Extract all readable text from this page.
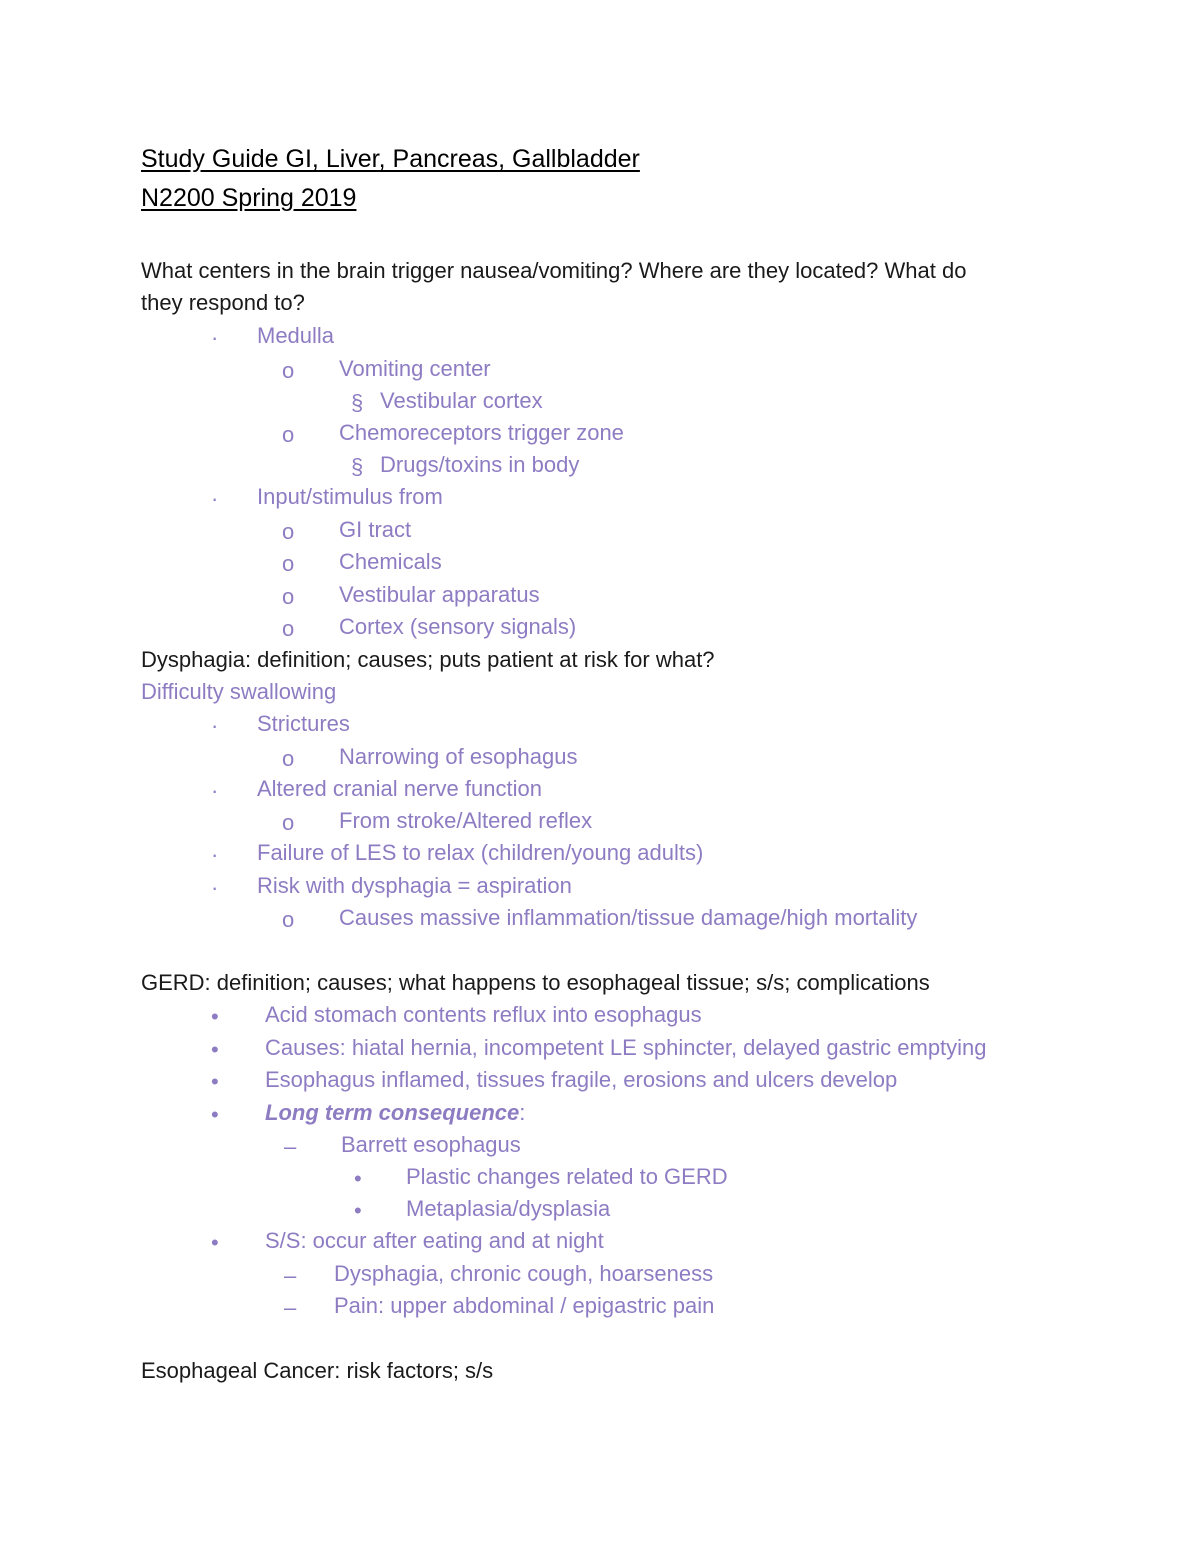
Study Guide GI, Liver, Pancreas, Gallbladder
N2200 Spring 2019
What centers in the brain trigger nausea/vomiting? Where are they located? What do
they respond to?
· Medulla
o Vomiting center
§ Vestibular cortex
o Chemoreceptors trigger zone
§ Drugs/toxins in body
· Input/stimulus from
o GI tract
o Chemicals
o Vestibular apparatus
o Cortex (sensory signals)
Dysphagia: definition; causes; puts patient at risk for what?
Difficulty swallowing
· Strictures
o Narrowing of esophagus
· Altered cranial nerve function
o From stroke/Altered reflex
· Failure of LES to relax (children/young adults)
· Risk with dysphagia = aspiration
o Causes massive inflammation/tissue damage/high mortality
GERD: definition; causes; what happens to esophageal tissue; s/s; complications
• Acid stomach contents reflux into esophagus
• Causes: hiatal hernia, incompetent LE sphincter, delayed gastric emptying
• Esophagus inflamed, tissues fragile, erosions and ulcers develop
• Long term consequence:
– Barrett esophagus
• Plastic changes related to GERD
• Metaplasia/dysplasia
• S/S: occur after eating and at night
– Dysphagia, chronic cough, hoarseness
– Pain: upper abdominal / epigastric pain
Esophageal Cancer: risk factors; s/s
